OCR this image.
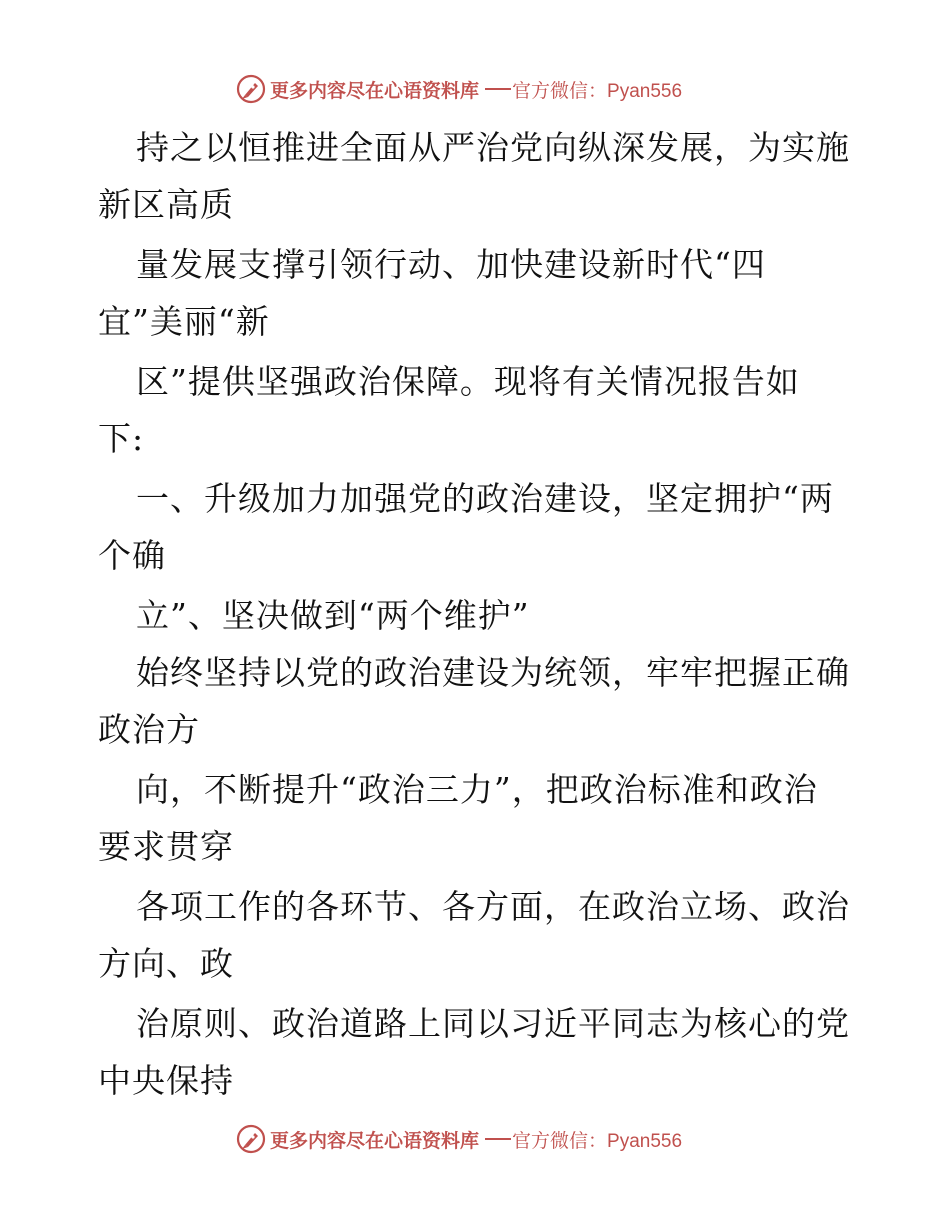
更多内容尽在心语资料库 官方微信：Pyan556
持之以恒推进全面从严治党向纵深发展，为实施
新区高质
量发展支撑引领行动、加快建设新时代“四
宜”美丽“新
区”提供坚强政治保障。现将有关情况报告如
下:
一、升级加力加强党的政治建设，坚定拥护“两
个确
立”、坚决做到“两个维护”
始终坚持以党的政治建设为统领，牢牢把握正确
政治方
向，不断提升“政治三力”，把政治标准和政治
要求贯穿
各项工作的各环节、各方面，在政治立场、政治
方向、政
治原则、政治道路上同以习近平同志为核心的党
中央保持
更多内容尽在心语资料库 官方微信：Pyan556
